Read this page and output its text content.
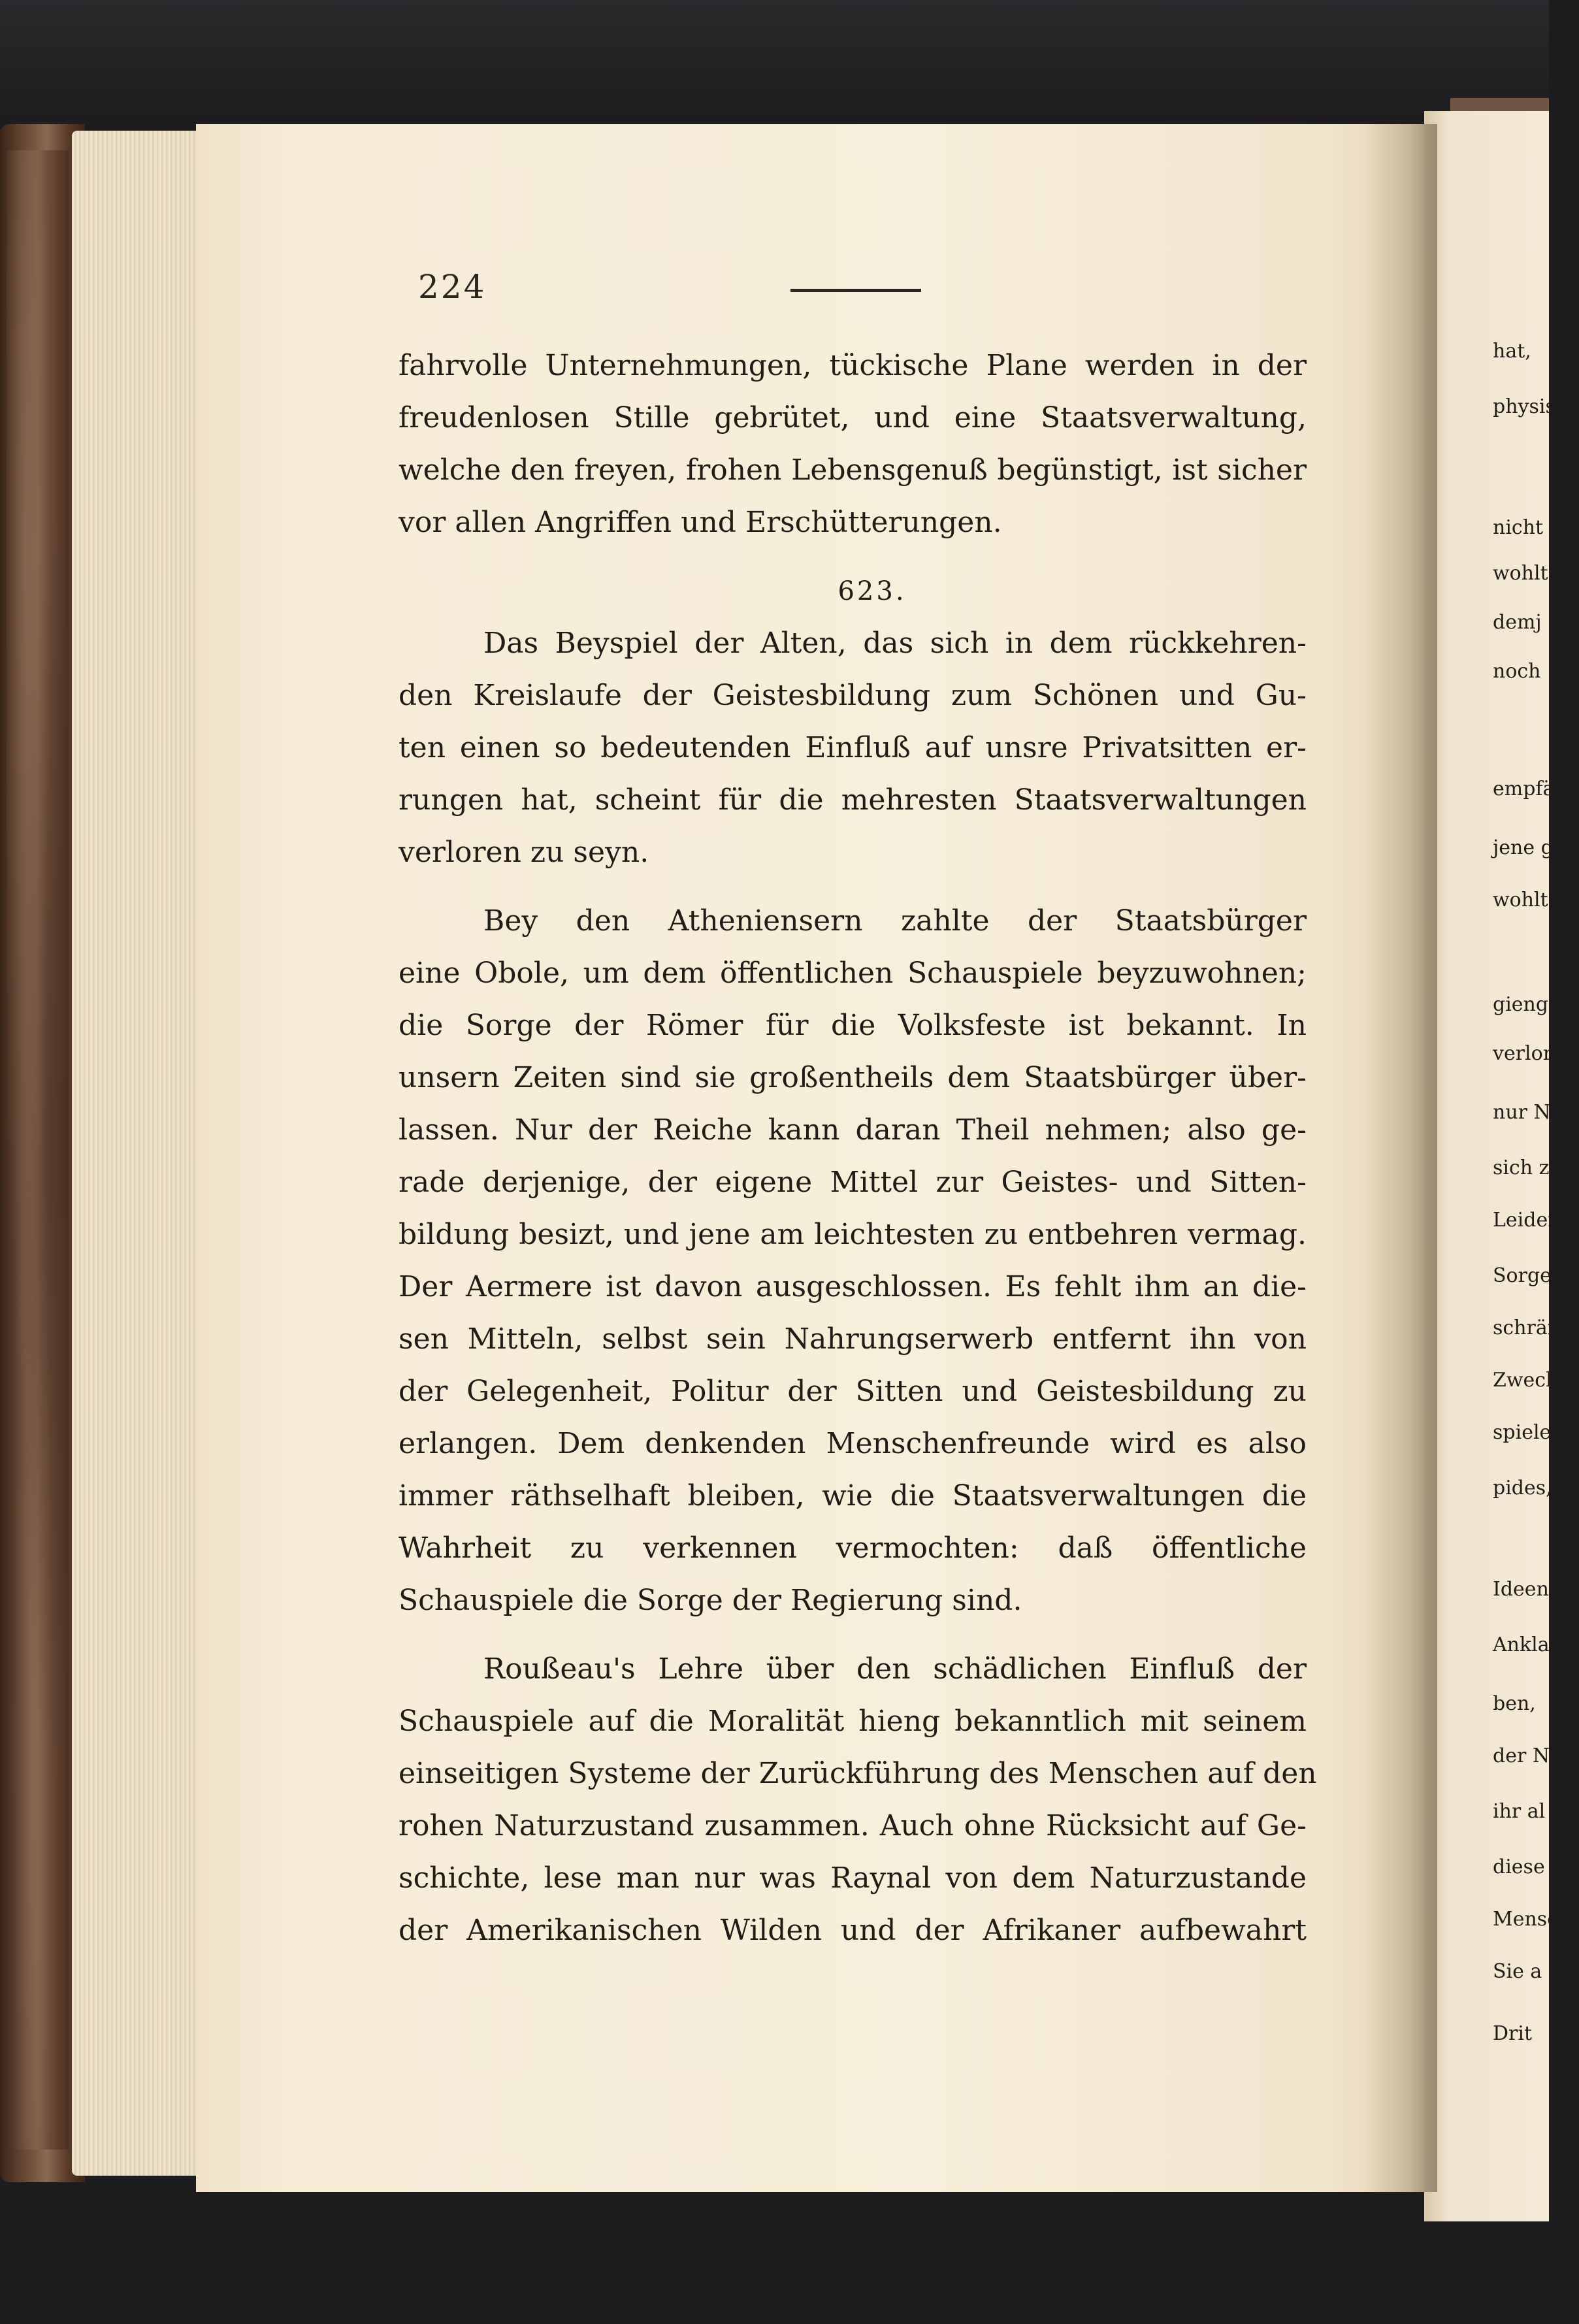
224
fahrvolle Unternehmungen, tückische Plane werden in der
freudenlosen Stille gebrütet, und eine Staatsverwaltung,
welche den freyen, frohen Lebensgenuß begünstigt, ist sicher
vor allen Angriffen und Erschütterungen.
623.
Das Beyspiel der Alten, das sich in dem rückkehren-
den Kreislaufe der Geistesbildung zum Schönen und Gu-
ten einen so bedeutenden Einfluß auf unsre Privatsitten er-
rungen hat, scheint für die mehresten Staatsverwaltungen
verloren zu seyn.
Bey den Atheniensern zahlte der Staatsbürger
eine Obole, um dem öffentlichen Schauspiele beyzuwohnen;
die Sorge der Römer für die Volksfeste ist bekannt. In
unsern Zeiten sind sie großentheils dem Staatsbürger über-
lassen. Nur der Reiche kann daran Theil nehmen; also ge-
rade derjenige, der eigene Mittel zur Geistes- und Sitten-
bildung besizt, und jene am leichtesten zu entbehren vermag.
Der Aermere ist davon ausgeschlossen. Es fehlt ihm an die-
sen Mitteln, selbst sein Nahrungserwerb entfernt ihn von
der Gelegenheit, Politur der Sitten und Geistesbildung zu
erlangen. Dem denkenden Menschenfreunde wird es also
immer räthselhaft bleiben, wie die Staatsverwaltungen die
Wahrheit zu verkennen vermochten: daß öffentliche
Schauspiele die Sorge der Regierung sind.
Roußeau's Lehre über den schädlichen Einfluß der
Schauspiele auf die Moralität hieng bekanntlich mit seinem
einseitigen Systeme der Zurückführung des Menschen auf den
rohen Naturzustand zusammen. Auch ohne Rücksicht auf Ge-
schichte, lese man nur was Raynal von dem Naturzustande
der Amerikanischen Wilden und der Afrikaner aufbewahrt
hat,
physisch
nicht
wohlt
demj
noch
empfä
jene g
wohlt
gieng
verlor
nur N
sich zu
Leiden
Sorge
schränk
Zwecke
spiele
pides,
Ideen
Anklag
ben,
der N
ihr al
diese
Mensch
Sie a
Drit
